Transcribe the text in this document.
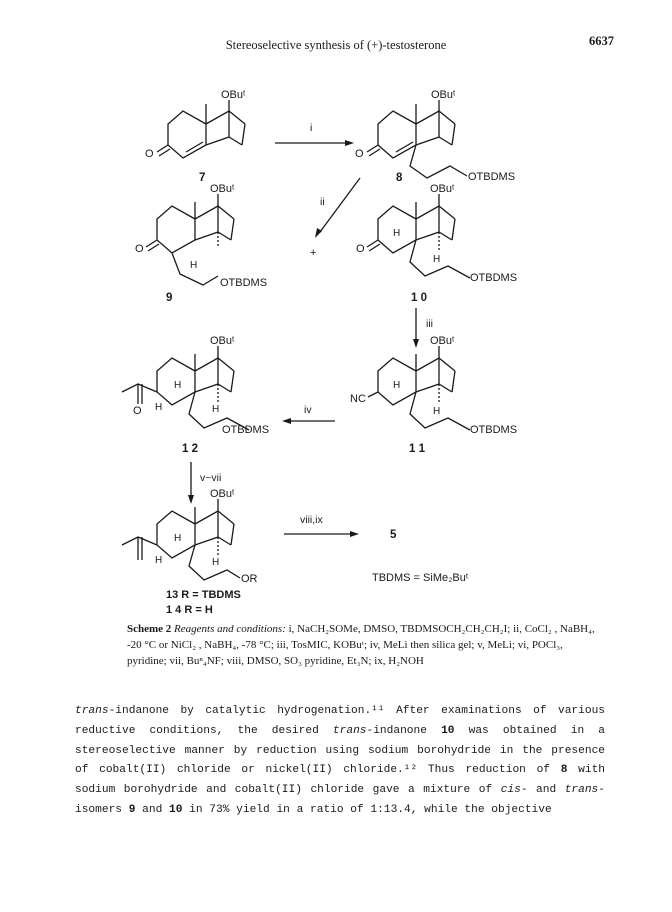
6637
Stereoselective synthesis of (+)-testosterone
O
OBuᵗ
7
i
O
OBuᵗ
OTBDMS
8
ii
+
O
OBuᵗ
H
OTBDMS
9
O
OBuᵗ
H
H
OTBDMS
1 0
iii
NC
OBuᵗ
H
H
OTBDMS
1 1
iv
O
OBuᵗ
H
H	H
OTBDMS
1 2
v~vii
OBuᵗ
H
H	H
OR
13 R = TBDMS
1 4 R = H
viii,ix
5
TBDMS = SiMe₂Buᵗ
Scheme 2 Reagents and conditions: i, NaCH₂SOMe, DMSO, TBDMSOCH₂CH₂CH₂I; ii, CoCl₂ , NaBH₄, -20 °C or NiCl₂ , NaBH₄, -78 °C; iii, TosMIC, KOBuᵗ; iv, MeLi then silica gel; v, MeLi; vi, POCl₃, pyridine; vii, Buⁿ₄NF; viii, DMSO, SO₃ pyridine, Et₃N; ix, H₂NOH
trans-indanone by catalytic hydrogenation.¹¹ After examinations of various reductive conditions, the desired trans-indanone 10 was obtained in a stereoselective manner by reduction using sodium borohydride in the presence of cobalt(II) chloride or nickel(II) chloride.¹² Thus reduction of 8 with sodium borohydride and cobalt(II) chloride gave a mixture of cis- and trans- isomers 9 and 10 in 73% yield in a ratio of 1:13.4, while the objective
